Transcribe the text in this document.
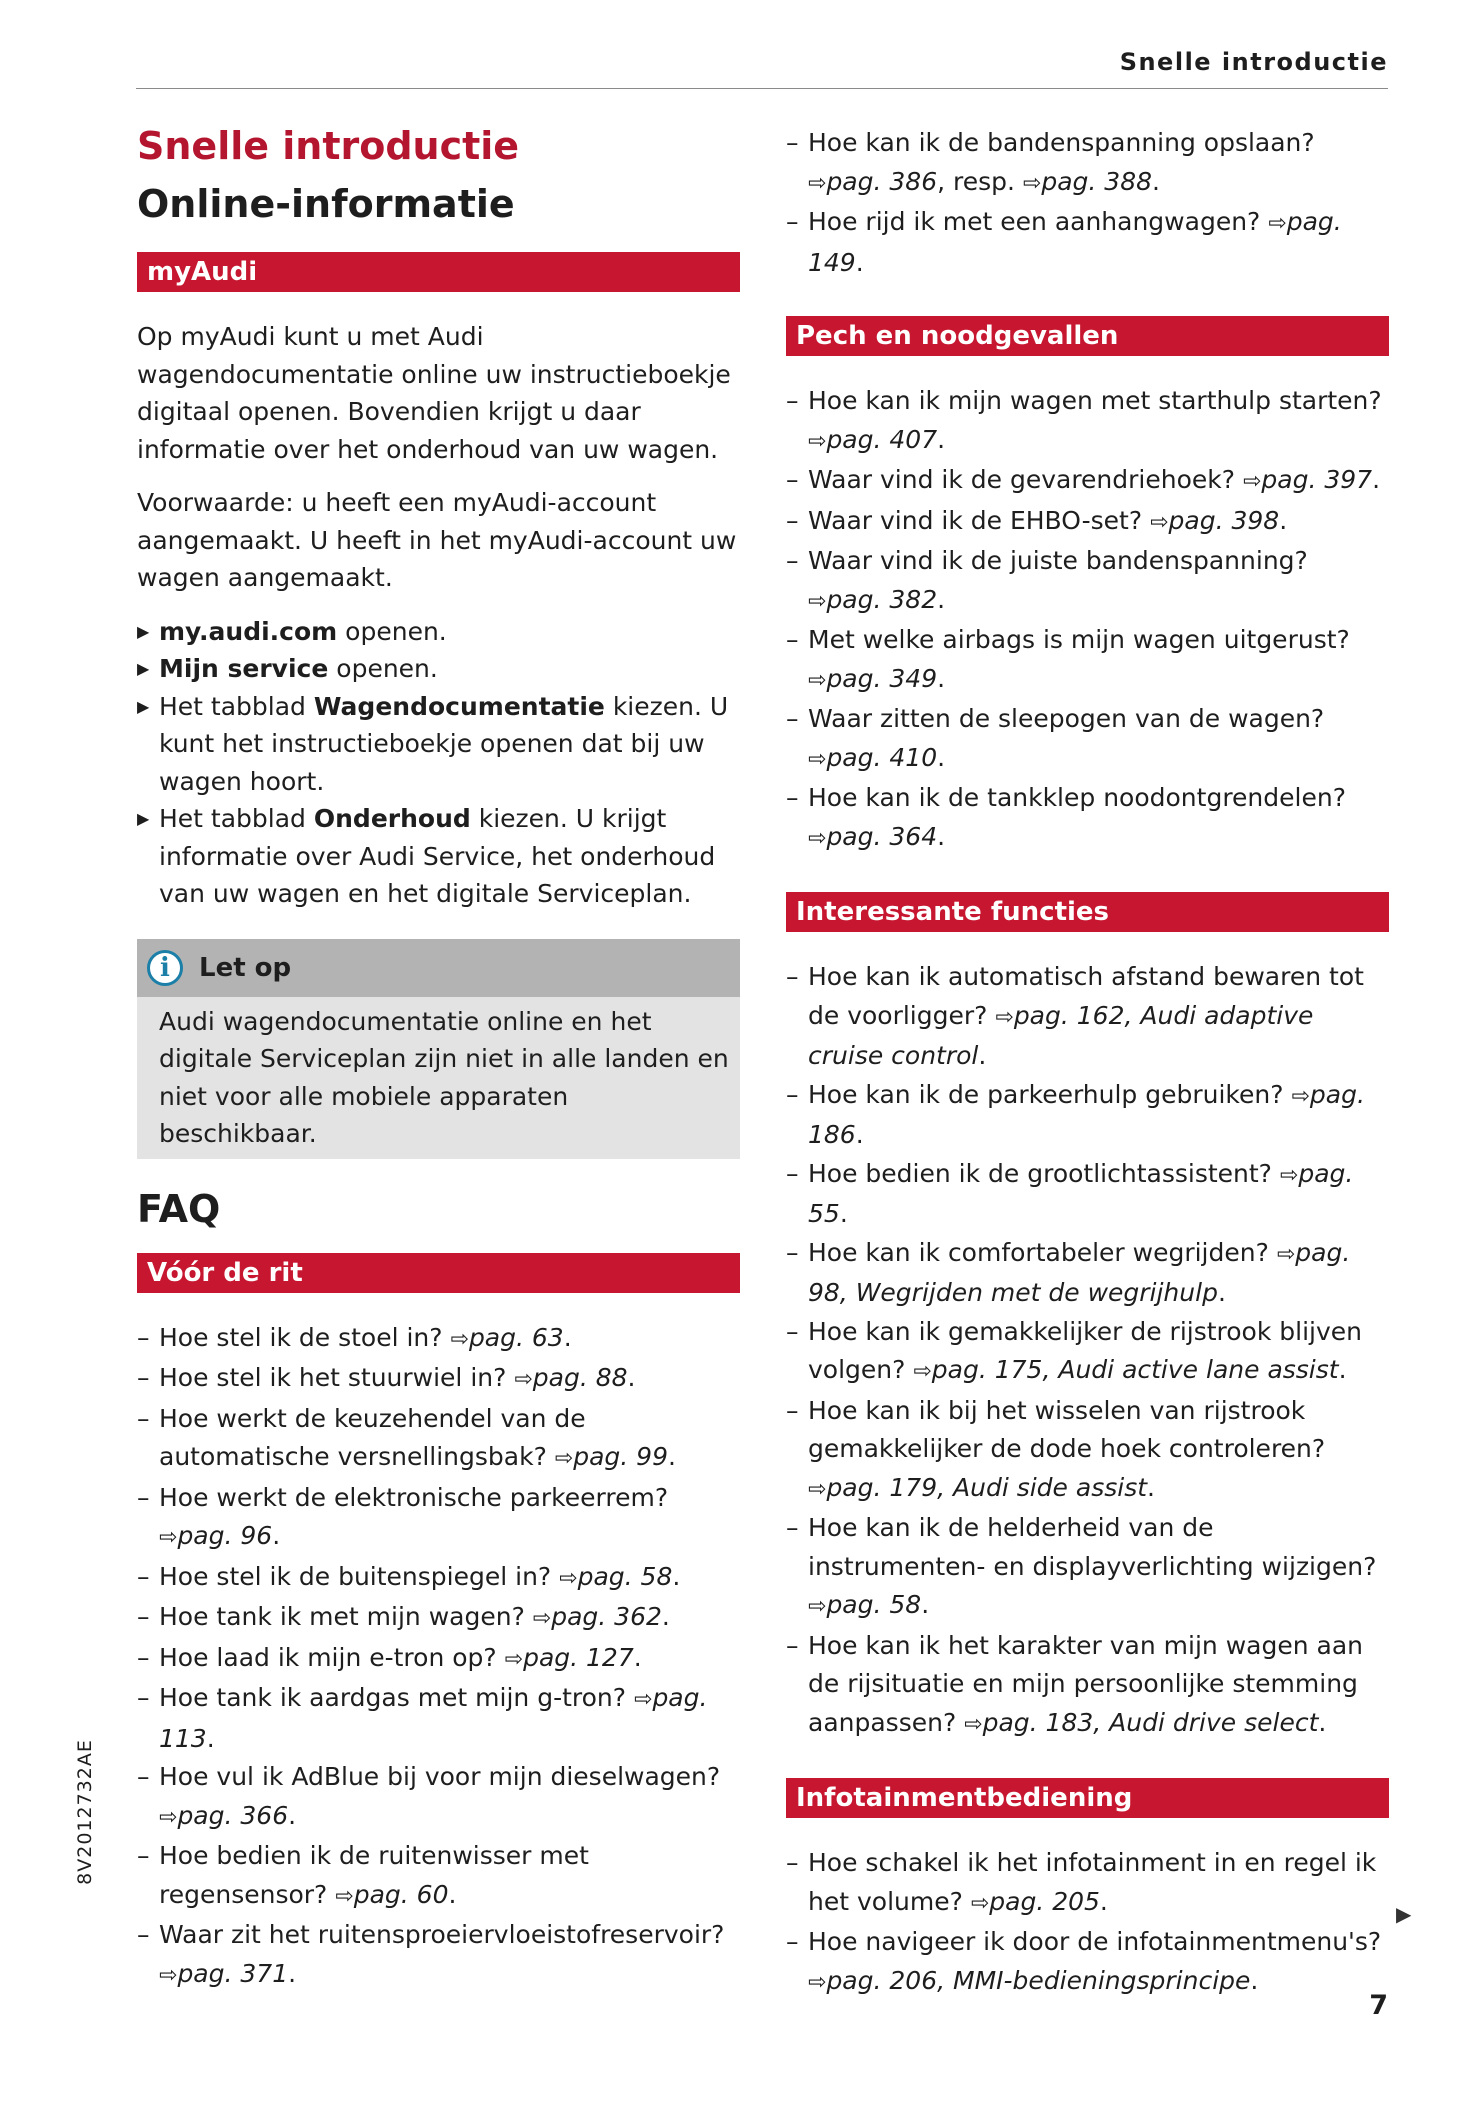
Snelle introductie
Snelle introductie
Online-informatie
myAudi

Op myAudi kunt u met Audi wagendocumentatie online uw instructieboekje digitaal openen. Bovendien krijgt u daar informatie over het onderhoud van uw wagen.

Voorwaarde: u heeft een myAudi-account aangemaakt. U heeft in het myAudi-account uw wagen aangemaakt.

▶ my.audi.com openen.
▶ Mijn service openen.
▶ Het tabblad Wagendocumentatie kiezen. U kunt het instructieboekje openen dat bij uw wagen hoort.
▶ Het tabblad Onderhoud kiezen. U krijgt informatie over Audi Service, het onderhoud van uw wagen en het digitale Serviceplan.
i	Let op
Audi wagendocumentatie online en het digitale Serviceplan zijn niet in alle landen en niet voor alle mobiele apparaten beschikbaar.
FAQ
Vóór de rit
– Hoe stel ik de stoel in? ⇨pag. 63.
– Hoe stel ik het stuurwiel in? ⇨pag. 88.
– Hoe werkt de keuzehendel van de automatische versnellingsbak? ⇨pag. 99.
– Hoe werkt de elektronische parkeerrem? ⇨pag. 96.
– Hoe stel ik de buitenspiegel in? ⇨pag. 58.
– Hoe tank ik met mijn wagen? ⇨pag. 362.
– Hoe laad ik mijn e-tron op? ⇨pag. 127.
– Hoe tank ik aardgas met mijn g-tron? ⇨pag. 113.
– Hoe vul ik AdBlue bij voor mijn dieselwagen? ⇨pag. 366.
– Hoe bedien ik de ruitenwisser met regensensor? ⇨pag. 60.
– Waar zit het ruitensproeiervloeistofreservoir? ⇨pag. 371.
– Hoe kan ik de bandenspanning opslaan? ⇨pag. 386, resp. ⇨pag. 388.
– Hoe rijd ik met een aanhangwagen? ⇨pag. 149.
Pech en noodgevallen
– Hoe kan ik mijn wagen met starthulp starten? ⇨pag. 407.
– Waar vind ik de gevarendriehoek? ⇨pag. 397.
– Waar vind ik de EHBO-set? ⇨pag. 398.
– Waar vind ik de juiste bandenspanning? ⇨pag. 382.
– Met welke airbags is mijn wagen uitgerust? ⇨pag. 349.
– Waar zitten de sleepogen van de wagen? ⇨pag. 410.
– Hoe kan ik de tankklep noodontgrendelen? ⇨pag. 364.
Interessante functies
– Hoe kan ik automatisch afstand bewaren tot de voorligger? ⇨pag. 162, Audi adaptive cruise control.
– Hoe kan ik de parkeerhulp gebruiken? ⇨pag. 186.
– Hoe bedien ik de grootlichtassistent? ⇨pag. 55.
– Hoe kan ik comfortabeler wegrijden? ⇨pag. 98, Wegrijden met de wegrijhulp.
– Hoe kan ik gemakkelijker de rijstrook blijven volgen? ⇨pag. 175, Audi active lane assist.
– Hoe kan ik bij het wisselen van rijstrook gemakkelijker de dode hoek controleren? ⇨pag. 179, Audi side assist.
– Hoe kan ik de helderheid van de instrumenten- en displayverlichting wijzigen? ⇨pag. 58.
– Hoe kan ik het karakter van mijn wagen aan de rijsituatie en mijn persoonlijke stemming aanpassen? ⇨pag. 183, Audi drive select.
Infotainmentbediening
– Hoe schakel ik het infotainment in en regel ik het volume? ⇨pag. 205.
– Hoe navigeer ik door de infotainmentmenu's? ⇨pag. 206, MMI-bedieningsprincipe.
8V2012732AE
▶
7
